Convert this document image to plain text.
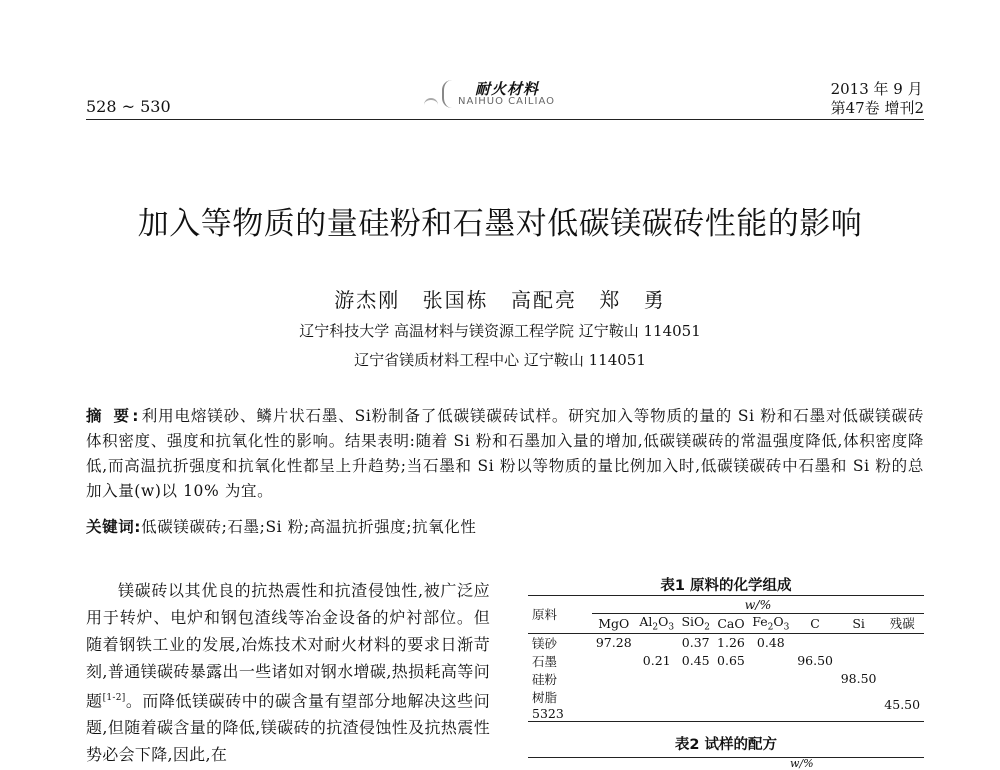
528 ~ 530
耐火材料
NAIHUO CAILIAO
2013 年 9 月
第47卷 增刊2
加入等物质的量硅粉和石墨对低碳镁碳砖性能的影响
游杰刚 张国栋 高配亮 郑 勇
辽宁科技大学 高温材料与镁资源工程学院 辽宁鞍山 114051
辽宁省镁质材料工程中心 辽宁鞍山 114051
摘 要:利用电熔镁砂、鳞片状石墨、Si粉制备了低碳镁碳砖试样。研究加入等物质的量的 Si 粉和石墨对低碳镁碳砖体积密度、强度和抗氧化性的影响。结果表明:随着 Si 粉和石墨加入量的增加,低碳镁碳砖的常温强度降低,体积密度降低,而高温抗折强度和抗氧化性都呈上升趋势;当石墨和 Si 粉以等物质的量比例加入时,低碳镁碳砖中石墨和 Si 粉的总加入量(w)以 10% 为宜。
关键词:低碳镁碳砖;石墨;Si 粉;高温抗折强度;抗氧化性

镁碳砖以其优良的抗热震性和抗渣侵蚀性,被广泛应用于转炉、电炉和钢包渣线等冶金设备的炉衬部位。但随着钢铁工业的发展,冶炼技术对耐火材料的要求日渐苛刻,普通镁碳砖暴露出一些诸如对钢水增碳,热损耗高等问题[1-2]。而降低镁碳砖中的碳含量有望部分地解决这些问题,但随着碳含量的降低,镁碳砖的抗渣侵蚀性及抗热震性势必会下降,因此,在

表1 原料的化学组成
原料	w/%							
	MgO	$Al_2O_3$	SiO$_2$	CaO	$Fe_2O_3$	C	Si	残碳
镁砂	97.28		0.37	1.26	0.48			
石墨		0.21	0.45	0.65		96.50		
硅粉							98.50	
树脂 5323								45.50
表2 试样的配方
w/%
